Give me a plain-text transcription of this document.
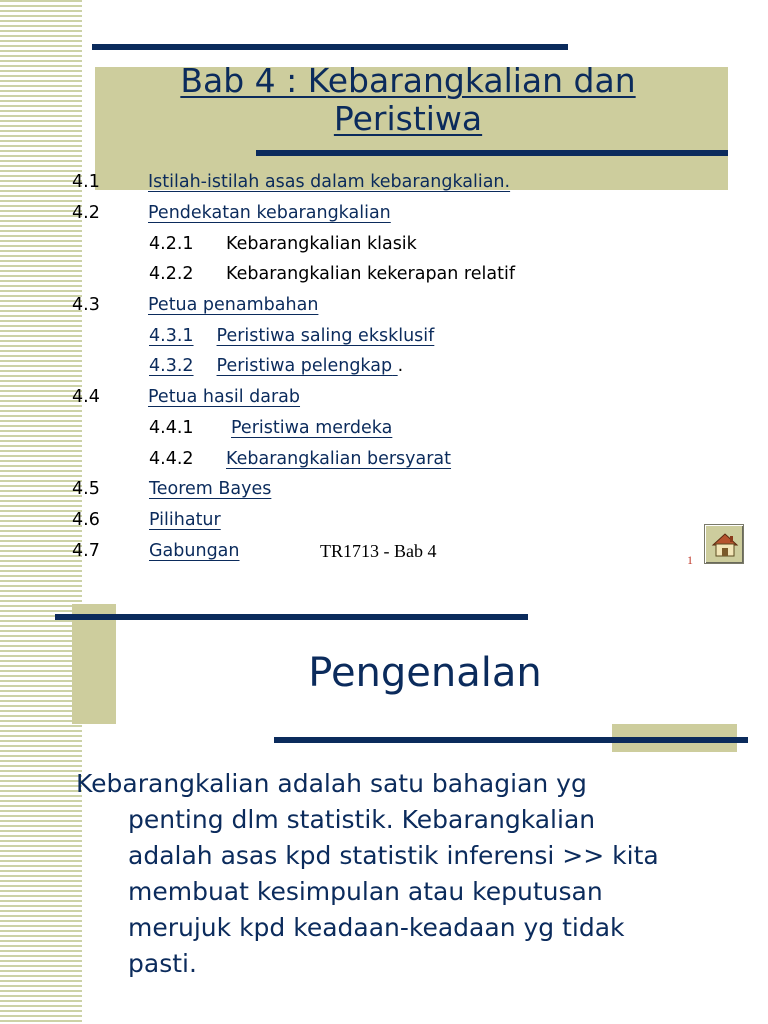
Bab 4 : Kebarangkalian dan
Peristiwa
4.1	Istilah-istilah asas dalam kebarangkalian.
4.2	Pendekatan kebarangkalian
4.2.1 Kebarangkalian klasik
4.2.2 Kebarangkalian kekerapan relatif
4.3	Petua penambahan
4.3.1 Peristiwa saling eksklusif
4.3.2 Peristiwa pelengkap .
4.4	Petua hasil darab
4.4.1 Peristiwa merdeka
4.4.2 Kebarangkalian bersyarat
4.5	Teorem Bayes
4.6	Pilihatur
4.7	Gabungan	TR1713 - Bab 4	1
Pengenalan
Kebarangkalian adalah satu bahagian yg
penting dlm statistik. Kebarangkalian
adalah asas kpd statistik inferensi >> kita
membuat kesimpulan atau keputusan
merujuk kpd keadaan-keadaan yg tidak
pasti.
